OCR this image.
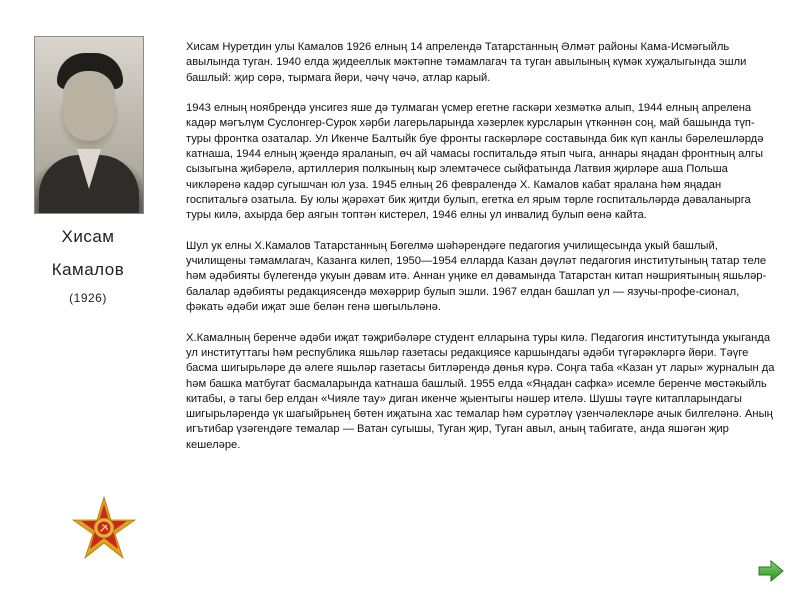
Хисам
Камалов
(1926)

Хисам Нуретдин улы Камалов 1926 елның 14 апрелендә Татарстанның Әлмәт районы Кама-Исмәгыйль авылында туган. 1940 елда җидееллык мәктәпне тәмамлагач та туган авылының күмәк хуҗалыгында эшли башлый: җир сөрә, тырмага йөри, чәчү чәчә, атлар карый.

1943 елның ноябрендә унсигез яше дә тулмаган үсмер егетне гаскәри хезмәткә алып, 1944 елның апрелена кадәр мәгълүм Суслонгер-Сурок хәрби лагерьларында хәзерлек курсларын үткәннән соң, май башында түп-туры фронтка озаталар. Ул Икенче Балтыйк буе фронты гаскәрләре составында бик күп канлы бәрелешләрдә катнаша, 1944 елның җәендә яраланып, өч ай чамасы госпитальдә ятып чыга, аннары яңадан фронтның алгы сызыгына җибәрелә, артиллерия полкының кыр элемтәчесе сыйфатында Латвия җирләре аша Польша чикләренә кадәр сугышчан юл уза. 1945 елның 26 февралендә Х. Камалов кабат яралана һәм яңадан госпитальгә озатыла. Бу юлы җәрәхәт бик җитди булып, егетка ел ярым төрле госпитальләрдә дәваланырга туры килә, ахырда бер аягын топтән кистерел, 1946 елны ул инвалид булып өенә кайта.

Шул ук елны Х.Камалов Татарстанның Бөгелмә шәһәрендәге педагогия училищесында укый башлый, училищены тәмамлагач, Казанга килеп, 1950—1954 елларда Казан дәүләт педагогия институтының татар теле һәм әдәбияты бүлегендә укуын дәвам итә. Аннан уңике ел дәвамында Татарстан китап нәшриятының яшьләр-балалар әдәбияты редакциясендә мөхәррир булып эшли. 1967 елдан башлап ул — язучы-профе-сионал, фәкать әдәби иҗат эше белән генә шөгыльләнә.

Х.Камалның беренче әдәби иҗат тәҗрибәләре студент елларына туры килә. Педагогия институтында укыганда ул институттагы һәм республика яшьләр газетасы редакциясе каршындагы әдәби түгәрәкләргә йөри. Тәүге басма шигырьләре дә әлеге яшьләр газетасы битләрендә дөнья күрә. Соңга таба «Казан ут лары» журналын да һәм башка матбугат басмаларында катнаша башлый. 1955 елда «Яңадан сафка» исемле беренче мөстәкыйль китабы, ә тагы бер елдан «Чияле тау» диган икенче җыентыгы нәшер ителә. Шушы тәүге китапларындагы шигырьләрендә үк шагыйрьнең бөтен иҗатына хас темалар һәм сурәтләү үзенчәлекләре ачык билгеләнә. Аның игътибар үзәгендәге темалар — Ватан сугышы, Туган җир, Туган авыл, аның табигате, анда яшәгән җир кешеләре.
